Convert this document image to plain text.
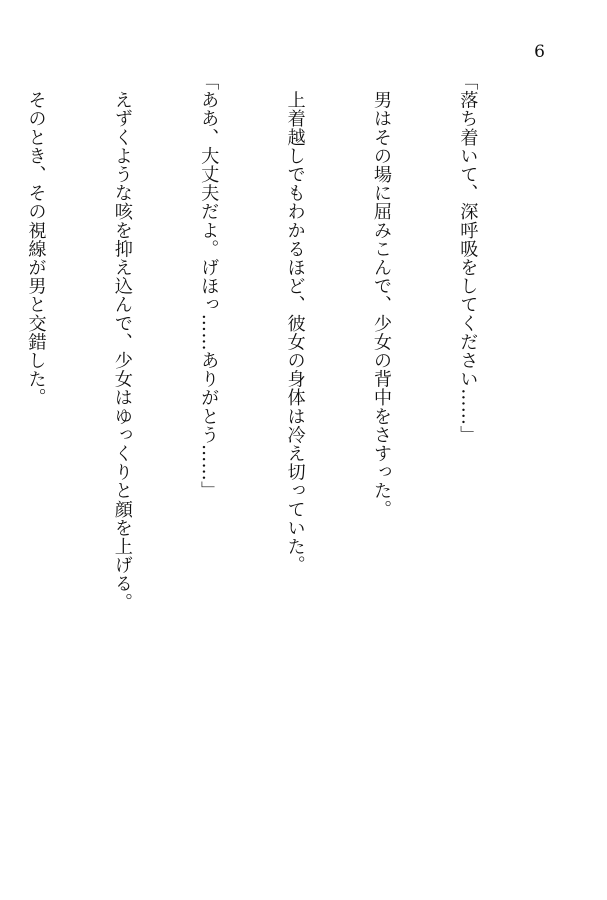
6

「落ち着いて、深呼吸をしてください……」

　男はその場に屈みこんで、少女の背中をさすった。

　上着越しでもわかるほど、彼女の身体は冷え切っていた。

「ああ、大丈夫だよ。げほっ……ありがとう……」

　えずくような咳を抑え込んで、少女はゆっくりと顔を上げる。

　そのとき、その視線が男と交錯した。
